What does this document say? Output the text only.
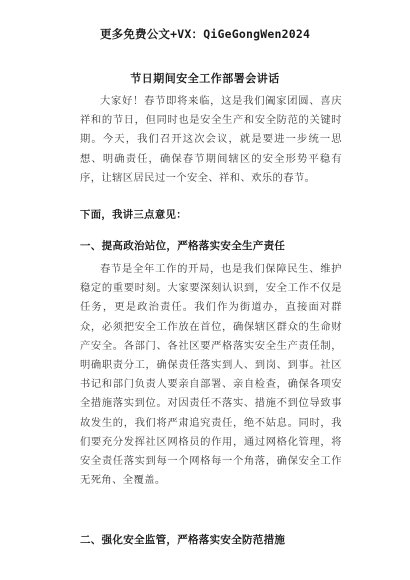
更多免费公文+VX：QiGeGongWen2024
节日期间安全工作部署会讲话
大家好！春节即将来临，这是我们阖家团圆、喜庆祥和的节日，但同时也是安全生产和安全防范的关键时期。今天，我们召开这次会议，就是要进一步统一思想、明确责任，确保春节期间辖区的安全形势平稳有序，让辖区居民过一个安全、祥和、欢乐的春节。
下面，我讲三点意见：
一、提高政治站位，严格落实安全生产责任
春节是全年工作的开局，也是我们保障民生、维护稳定的重要时刻。大家要深刻认识到，安全工作不仅是任务，更是政治责任。我们作为街道办，直接面对群众，必须把安全工作放在首位，确保辖区群众的生命财产安全。各部门、各社区要严格落实安全生产责任制，明确职责分工，确保责任落实到人、到岗、到事。社区书记和部门负责人要亲自部署、亲自检查，确保各项安全措施落实到位。对因责任不落实、措施不到位导致事故发生的，我们将严肃追究责任，绝不姑息。同时，我们要充分发挥社区网格员的作用，通过网格化管理，将安全责任落实到每一个网格每一个角落，确保安全工作无死角、全覆盖。
二、强化安全监管，严格落实安全防范措施
